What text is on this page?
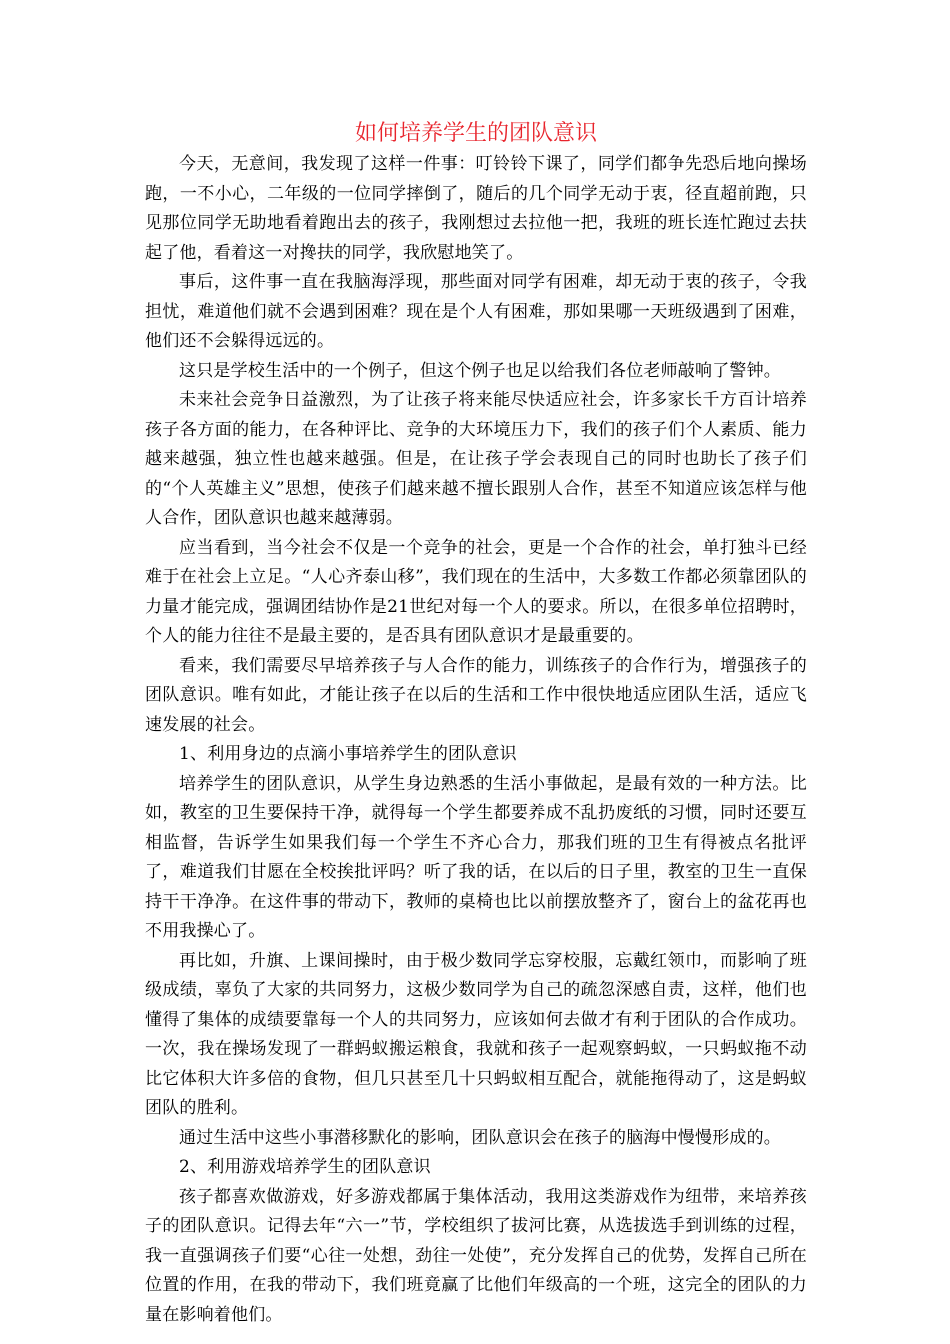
如何培养学生的团队意识

今天，无意间，我发现了这样一件事：叮铃铃下课了，同学们都争先恐后地向操场跑，一不小心，二年级的一位同学摔倒了，随后的几个同学无动于衷，径直超前跑，只见那位同学无助地看着跑出去的孩子，我刚想过去拉他一把，我班的班长连忙跑过去扶起了他，看着这一对搀扶的同学，我欣慰地笑了。

事后，这件事一直在我脑海浮现，那些面对同学有困难，却无动于衷的孩子，令我担忧，难道他们就不会遇到困难？现在是个人有困难，那如果哪一天班级遇到了困难，他们还不会躲得远远的。

这只是学校生活中的一个例子，但这个例子也足以给我们各位老师敲响了警钟。

未来社会竞争日益激烈，为了让孩子将来能尽快适应社会，许多家长千方百计培养孩子各方面的能力，在各种评比、竞争的大环境压力下，我们的孩子们个人素质、能力越来越强，独立性也越来越强。但是，在让孩子学会表现自己的同时也助长了孩子们的“个人英雄主义”思想，使孩子们越来越不擅长跟别人合作，甚至不知道应该怎样与他人合作，团队意识也越来越薄弱。

应当看到，当今社会不仅是一个竞争的社会，更是一个合作的社会，单打独斗已经难于在社会上立足。“人心齐泰山移”，我们现在的生活中，大多数工作都必须靠团队的力量才能完成，强调团结协作是21世纪对每一个人的要求。所以，在很多单位招聘时，个人的能力往往不是最主要的，是否具有团队意识才是最重要的。

看来，我们需要尽早培养孩子与人合作的能力，训练孩子的合作行为，增强孩子的团队意识。唯有如此，才能让孩子在以后的生活和工作中很快地适应团队生活，适应飞速发展的社会。

1、利用身边的点滴小事培养学生的团队意识

培养学生的团队意识，从学生身边熟悉的生活小事做起，是最有效的一种方法。比如，教室的卫生要保持干净，就得每一个学生都要养成不乱扔废纸的习惯，同时还要互相监督，告诉学生如果我们每一个学生不齐心合力，那我们班的卫生有得被点名批评了，难道我们甘愿在全校挨批评吗？听了我的话，在以后的日子里，教室的卫生一直保持干干净净。在这件事的带动下，教师的桌椅也比以前摆放整齐了，窗台上的盆花再也不用我操心了。

再比如，升旗、上课间操时，由于极少数同学忘穿校服，忘戴红领巾，而影响了班级成绩，辜负了大家的共同努力，这极少数同学为自己的疏忽深感自责，这样，他们也懂得了集体的成绩要靠每一个人的共同努力，应该如何去做才有利于团队的合作成功。一次，我在操场发现了一群蚂蚁搬运粮食，我就和孩子一起观察蚂蚁，一只蚂蚁拖不动比它体积大许多倍的食物，但几只甚至几十只蚂蚁相互配合，就能拖得动了，这是蚂蚁团队的胜利。

通过生活中这些小事潜移默化的影响，团队意识会在孩子的脑海中慢慢形成的。

2、利用游戏培养学生的团队意识

孩子都喜欢做游戏，好多游戏都属于集体活动，我用这类游戏作为纽带，来培养孩子的团队意识。记得去年“六一”节，学校组织了拔河比赛，从选拔选手到训练的过程，我一直强调孩子们要“心往一处想，劲往一处使”，充分发挥自己的优势，发挥自己所在位置的作用，在我的带动下，我们班竟赢了比他们年级高的一个班，这完全的团队的力量在影响着他们。
